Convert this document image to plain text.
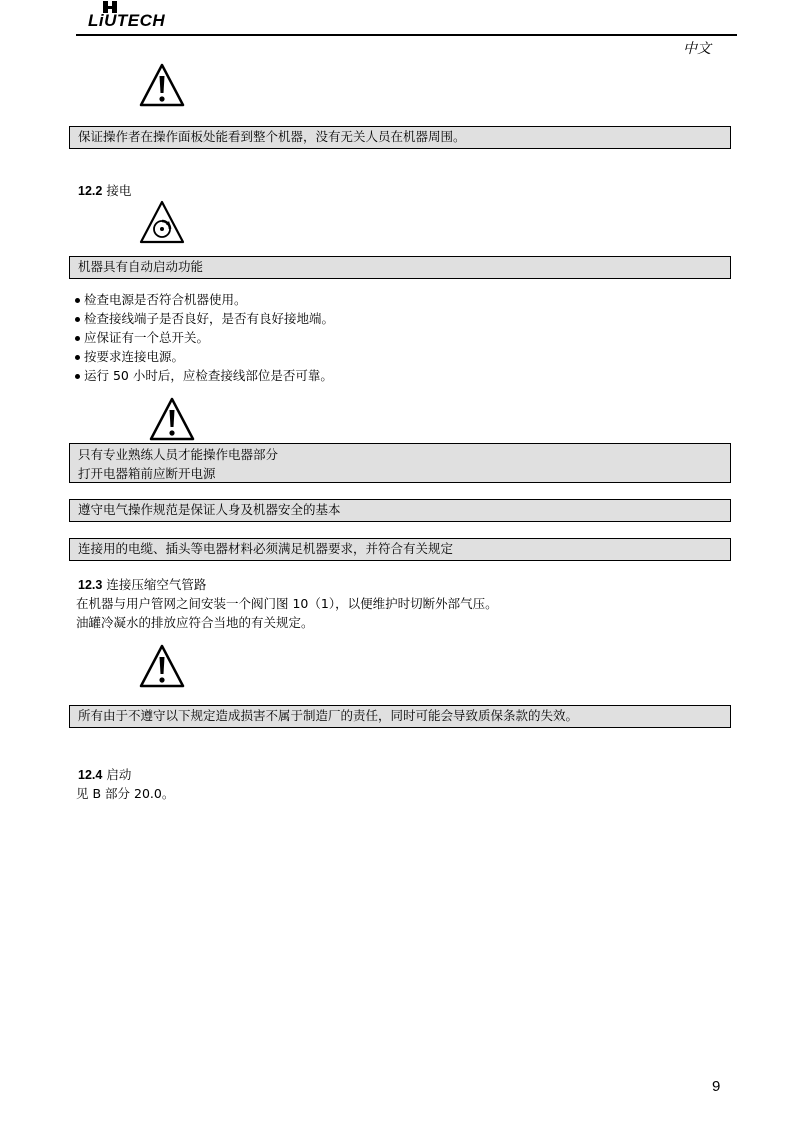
LiUTECH
中文
保证操作者在操作面板处能看到整个机器，没有无关人员在机器周围。
12.2 接电
机器具有自动启动功能
检查电源是否符合机器使用。
检查接线端子是否良好，是否有良好接地端。
应保证有一个总开关。
按要求连接电源。
运行 50 小时后，应检查接线部位是否可靠。
只有专业熟练人员才能操作电器部分
打开电器箱前应断开电源
遵守电气操作规范是保证人身及机器安全的基本
连接用的电缆、插头等电器材料必须满足机器要求，并符合有关规定
12.3 连接压缩空气管路
在机器与用户管网之间安装一个阀门图 10（1），以便维护时切断外部气压。
油罐冷凝水的排放应符合当地的有关规定。
所有由于不遵守以下规定造成损害不属于制造厂的责任，同时可能会导致质保条款的失效。
12.4 启动
见 B 部分 20.0。
9
